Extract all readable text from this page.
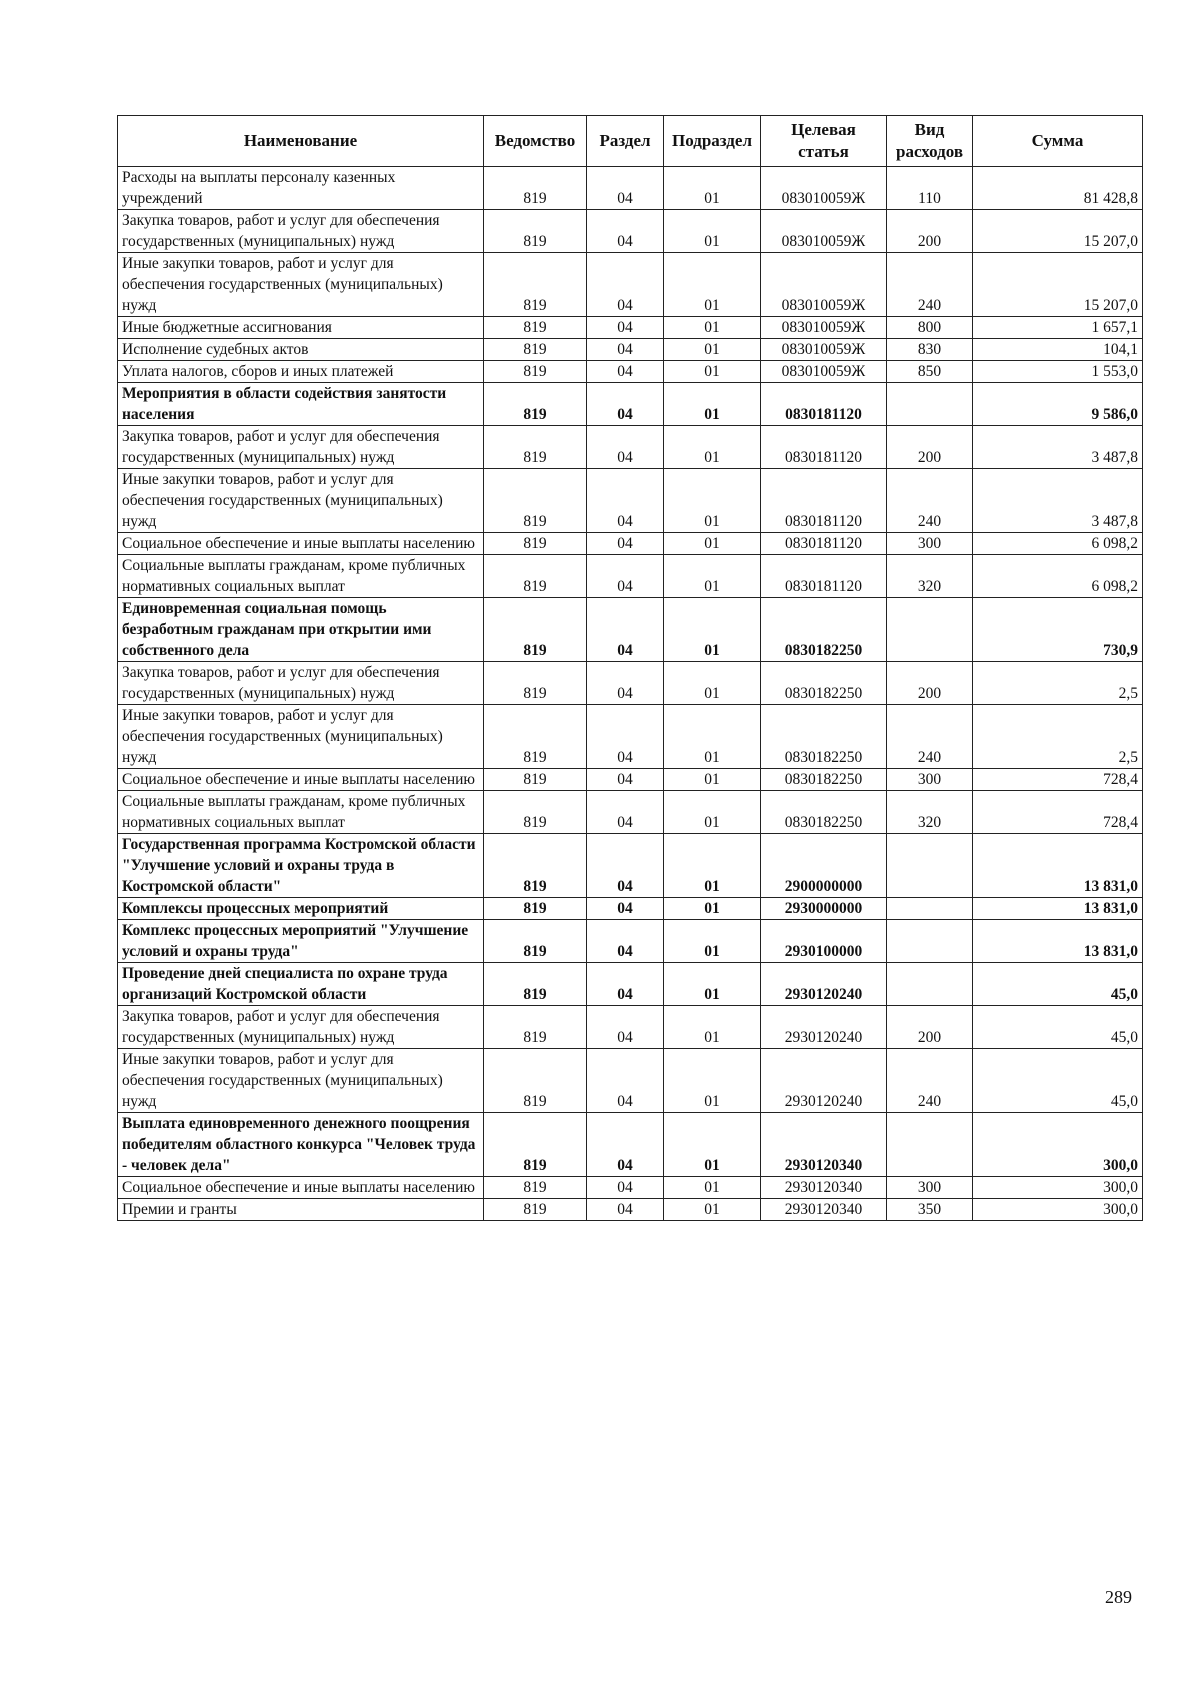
Наименование	Ведомство	Раздел	Подраздел	Целевая статья	Вид расходов	Сумма
Расходы на выплаты персоналу казенных учреждений	819	04	01	083010059Ж	110	81 428,8
Закупка товаров, работ и услуг для обеспечения государственных (муниципальных) нужд	819	04	01	083010059Ж	200	15 207,0
Иные закупки товаров, работ и услуг для обеспечения государственных (муниципальных) нужд	819	04	01	083010059Ж	240	15 207,0
Иные бюджетные ассигнования	819	04	01	083010059Ж	800	1 657,1
Исполнение судебных актов	819	04	01	083010059Ж	830	104,1
Уплата налогов, сборов и иных платежей	819	04	01	083010059Ж	850	1 553,0
Мероприятия в области содействия занятости населения	819	04	01	0830181120		9 586,0
Закупка товаров, работ и услуг для обеспечения государственных (муниципальных) нужд	819	04	01	0830181120	200	3 487,8
Иные закупки товаров, работ и услуг для обеспечения государственных (муниципальных) нужд	819	04	01	0830181120	240	3 487,8
Социальное обеспечение и иные выплаты населению	819	04	01	0830181120	300	6 098,2
Социальные выплаты гражданам, кроме публичных нормативных социальных выплат	819	04	01	0830181120	320	6 098,2
Единовременная социальная помощь безработным гражданам при открытии ими собственного дела	819	04	01	0830182250		730,9
Закупка товаров, работ и услуг для обеспечения государственных (муниципальных) нужд	819	04	01	0830182250	200	2,5
Иные закупки товаров, работ и услуг для обеспечения государственных (муниципальных) нужд	819	04	01	0830182250	240	2,5
Социальное обеспечение и иные выплаты населению	819	04	01	0830182250	300	728,4
Социальные выплаты гражданам, кроме публичных нормативных социальных выплат	819	04	01	0830182250	320	728,4
Государственная программа Костромской области "Улучшение условий и охраны труда в Костромской области"	819	04	01	2900000000		13 831,0
Комплексы процессных мероприятий	819	04	01	2930000000		13 831,0
Комплекс процессных мероприятий "Улучшение условий и охраны труда"	819	04	01	2930100000		13 831,0
Проведение дней специалиста по охране труда организаций Костромской области	819	04	01	2930120240		45,0
Закупка товаров, работ и услуг для обеспечения государственных (муниципальных) нужд	819	04	01	2930120240	200	45,0
Иные закупки товаров, работ и услуг для обеспечения государственных (муниципальных) нужд	819	04	01	2930120240	240	45,0
Выплата единовременного денежного поощрения победителям областного конкурса "Человек труда - человек дела"	819	04	01	2930120340		300,0
Социальное обеспечение и иные выплаты населению	819	04	01	2930120340	300	300,0
Премии и гранты	819	04	01	2930120340	350	300,0
289
